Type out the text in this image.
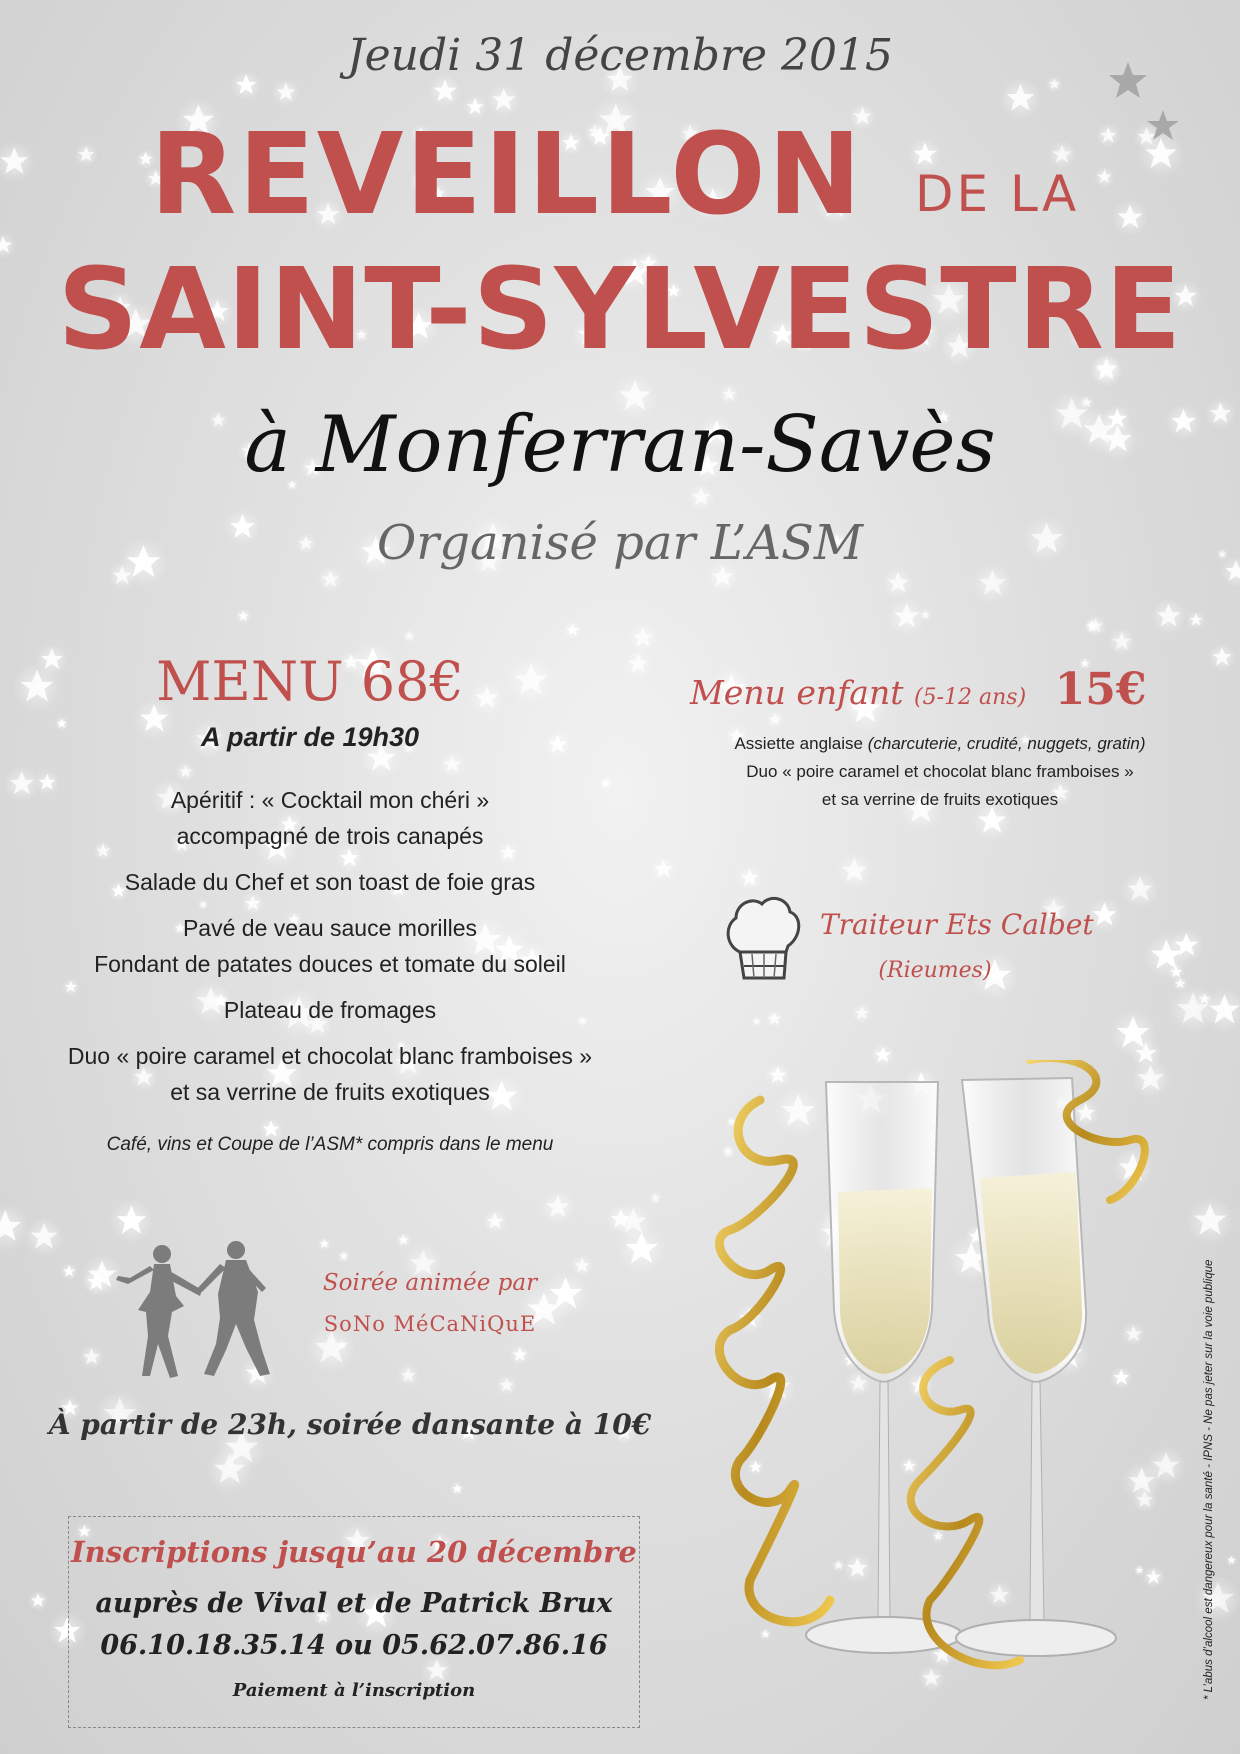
Jeudi 31 décembre 2015
REVEILLON DE LA
SAINT-SYLVESTRE
à Monferran-Savès
Organisé par L’ASM
MENU 68€
A partir de 19h30
Apéritif : « Cocktail mon chéri »
accompagné de trois canapés
Salade du Chef et son toast de foie gras
Pavé de veau sauce morilles
Fondant de patates douces et tomate du soleil
Plateau de fromages
Duo « poire caramel et chocolat blanc framboises »
et sa verrine de fruits exotiques
Café, vins et Coupe de l’ASM* compris dans le menu
Menu enfant (5-12 ans) 15€
Assiette anglaise (charcuterie, crudité, nuggets, gratin)
Duo « poire caramel et chocolat blanc framboises »
et sa verrine de fruits exotiques
Traiteur Ets Calbet
(Rieumes)
Soirée animée par
SoNo MéCaNiQuE
À partir de 23h, soirée dansante à 10€
Inscriptions jusqu’au 20 décembre
auprès de Vival et de Patrick Brux
06.10.18.35.14 ou 05.62.07.86.16
Paiement à l’inscription	* L’abus d’alcool est dangereux pour la santé - IPNS - Ne pas jeter sur la voie publique
